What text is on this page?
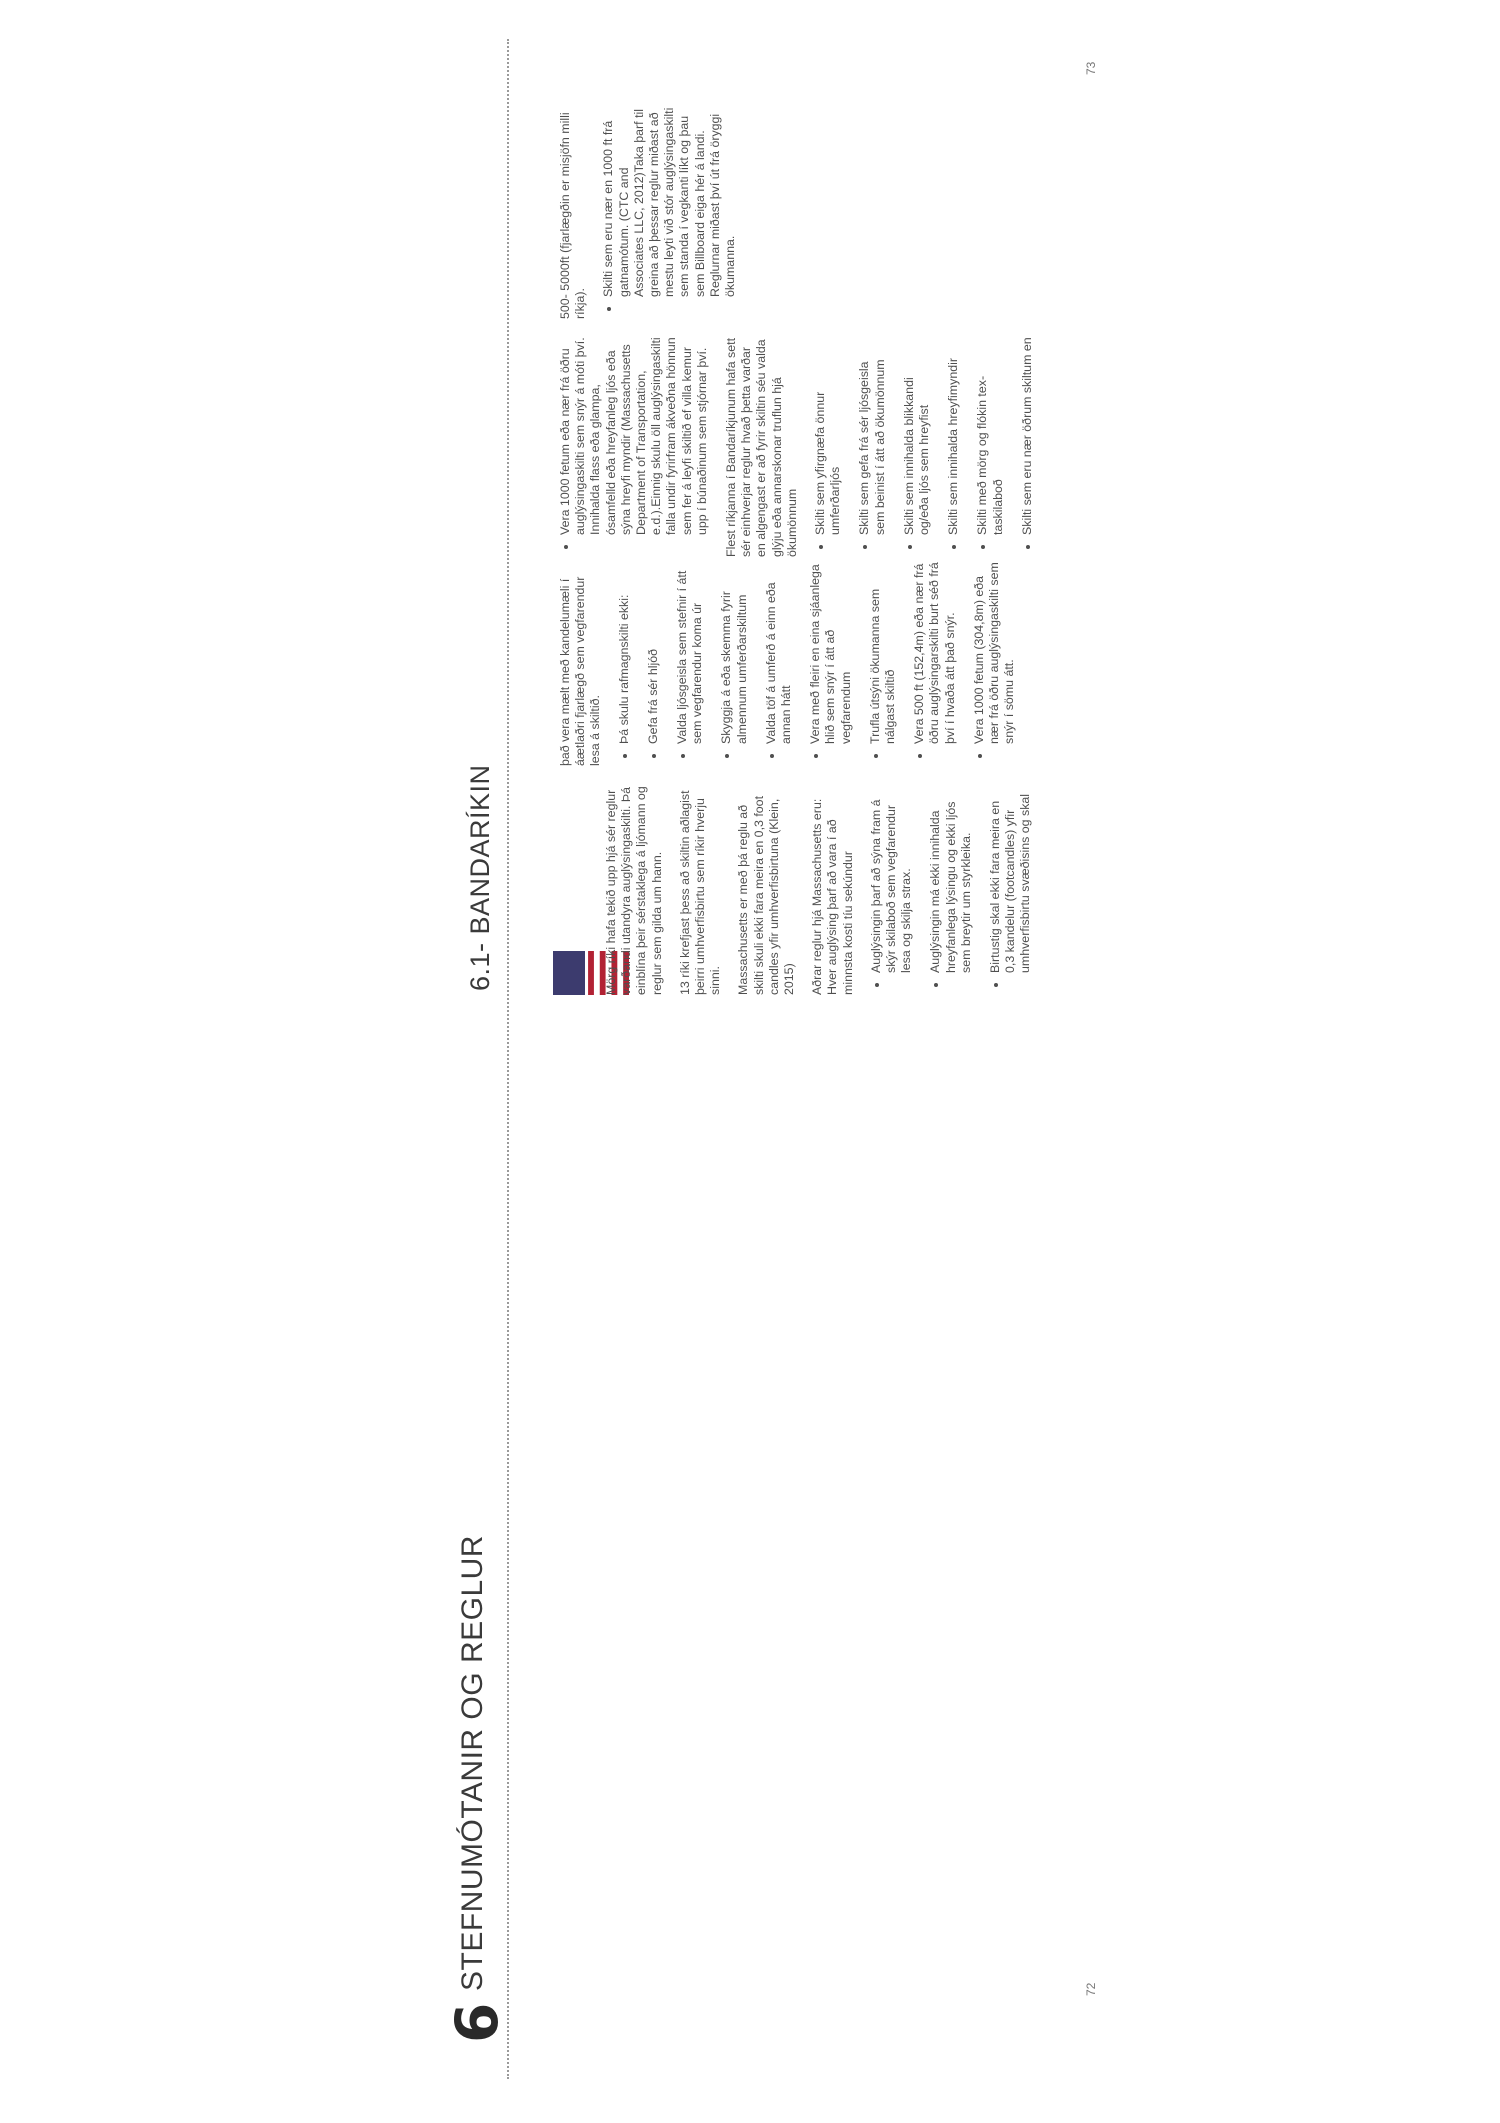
6
STEFNUMÓTANIR OG REGLUR	72
6.1- BANDARÍKIN
73

Mörg ríki hafa tekið upp hjá sér reglur varðandi utandyra auglýsingaskilti. Þá einblína þeir sérstaklega á ljómann og reglur sem gilda um hann. 13 ríki krefjast þess að skiltin aðlagist þeirri umhverfisbirtu sem ríkir hverju sinni. Massachusetts er með þá reglu að skilti skuli ekki fara meira en 0,3 foot candles yfir umhverfisbirtuna (Klein, 2015) Aðrar reglur hjá Massachusetts eru: Hver auglýsing þarf að vara í að minnsta kosti tíu sekúndur • Auglýsingin þarf að sýna fram á skýr skilaboð sem vegfarendur lesa og skilja strax. • Auglýsingin má ekki innihalda hreyfanlega lýsingu og ekki ljós sem breytir um styrkleika. • Birtustig skal ekki fara meira en 0,3 kandelur (footcandles) yfir umhverfisbirtu svæðisins og skal

það vera mælt með kandelumæli í áætlaðri fjarlægð sem vegfarendur lesa á skiltið. • Þá skulu rafmagnskilti ekki: • Gefa frá sér hljóð • Valda ljósgeisla sem stefnir í átt sem vegfarendur koma úr • Skyggja á eða skemma fyrir almennum umferðarskiltum • Valda töf á umferð á einn eða annan hátt • Vera með fleiri en eina sjáanlega hlið sem snýr í átt að vegfarendum • Trufla útsýni ökumanna sem nálgast skiltið • Vera 500 ft (152,4m) eða nær frá öðru auglýsingarskilti burt séð frá því í hvaða átt það snýr. • Vera 1000 fetum (304,8m) eða nær frá öðru auglýsingaskilti sem snýr í sömu átt.
• Vera 1000 fetum eða nær frá öðru auglýsingaskilti sem snýr á móti því. Innihalda flass eða glampa, ósamfelld eða hreyfanleg ljós eða sýna hreyfi myndir (Massachusetts Department of Transportation, e.d.).Einnig skulu öll auglýsingaskilti falla undir fyrirfram ákveðna hönnun sem fer á leyfi skiltið ef villa kemur upp í búnaðinum sem stjórnar því. Flest ríkjanna í Bandaríkjunum hafa sett sér einhverjar reglur hvað þetta varðar en algengast er að fyrir skiltin séu valda glýju eða annarskonar truflun hjá ökumönnum • Skilti sem yfirgnæfa önnur umferðarljós • Skilti sem gefa frá sér ljósgeisla sem beinist í átt að ökumönnum • Skilti sem innihalda blikkandi og/eða ljós sem hreyfist • Skilti sem innihalda hreyfimyndir • Skilti með mörg og flókin tex-taskilaboð • Skilti sem eru nær öðrum skiltum en

500- 5000ft (fjarlægðin er misjöfn milli ríkja).

• Skilti sem eru nær en 1000 ft frá gatnamótum. (CTC and Associates LLC, 2012)Taka þarf til greina að þessar reglur miðast að mestu leyti við stór auglýsingaskilti sem standa í vegkanti líkt og þau sem Billboard eiga hér á landi. Reglurnar miðast því út frá öryggi ökumanna.
